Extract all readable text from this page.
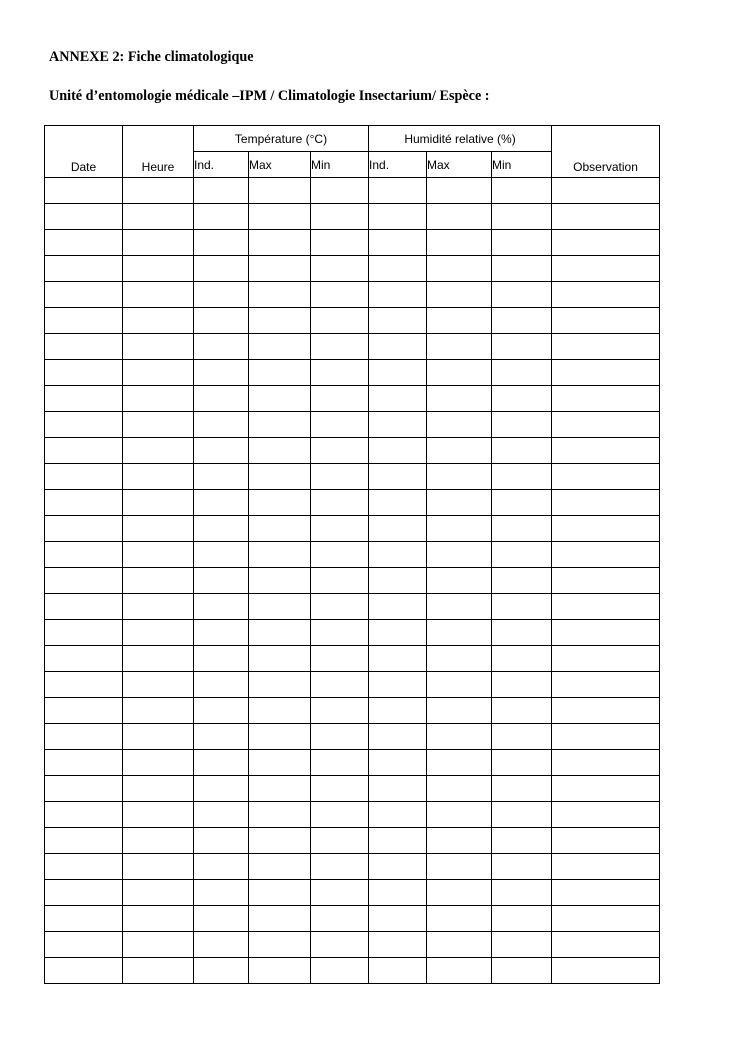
ANNEXE 2: Fiche climatologique
Unité d’entomologie médicale –IPM / Climatologie Insectarium/ Espèce :
Date	Heure	Température (°C)			Humidité relative (%)			Observation
		Ind.	Max	Min	Ind.	Max	Min	
